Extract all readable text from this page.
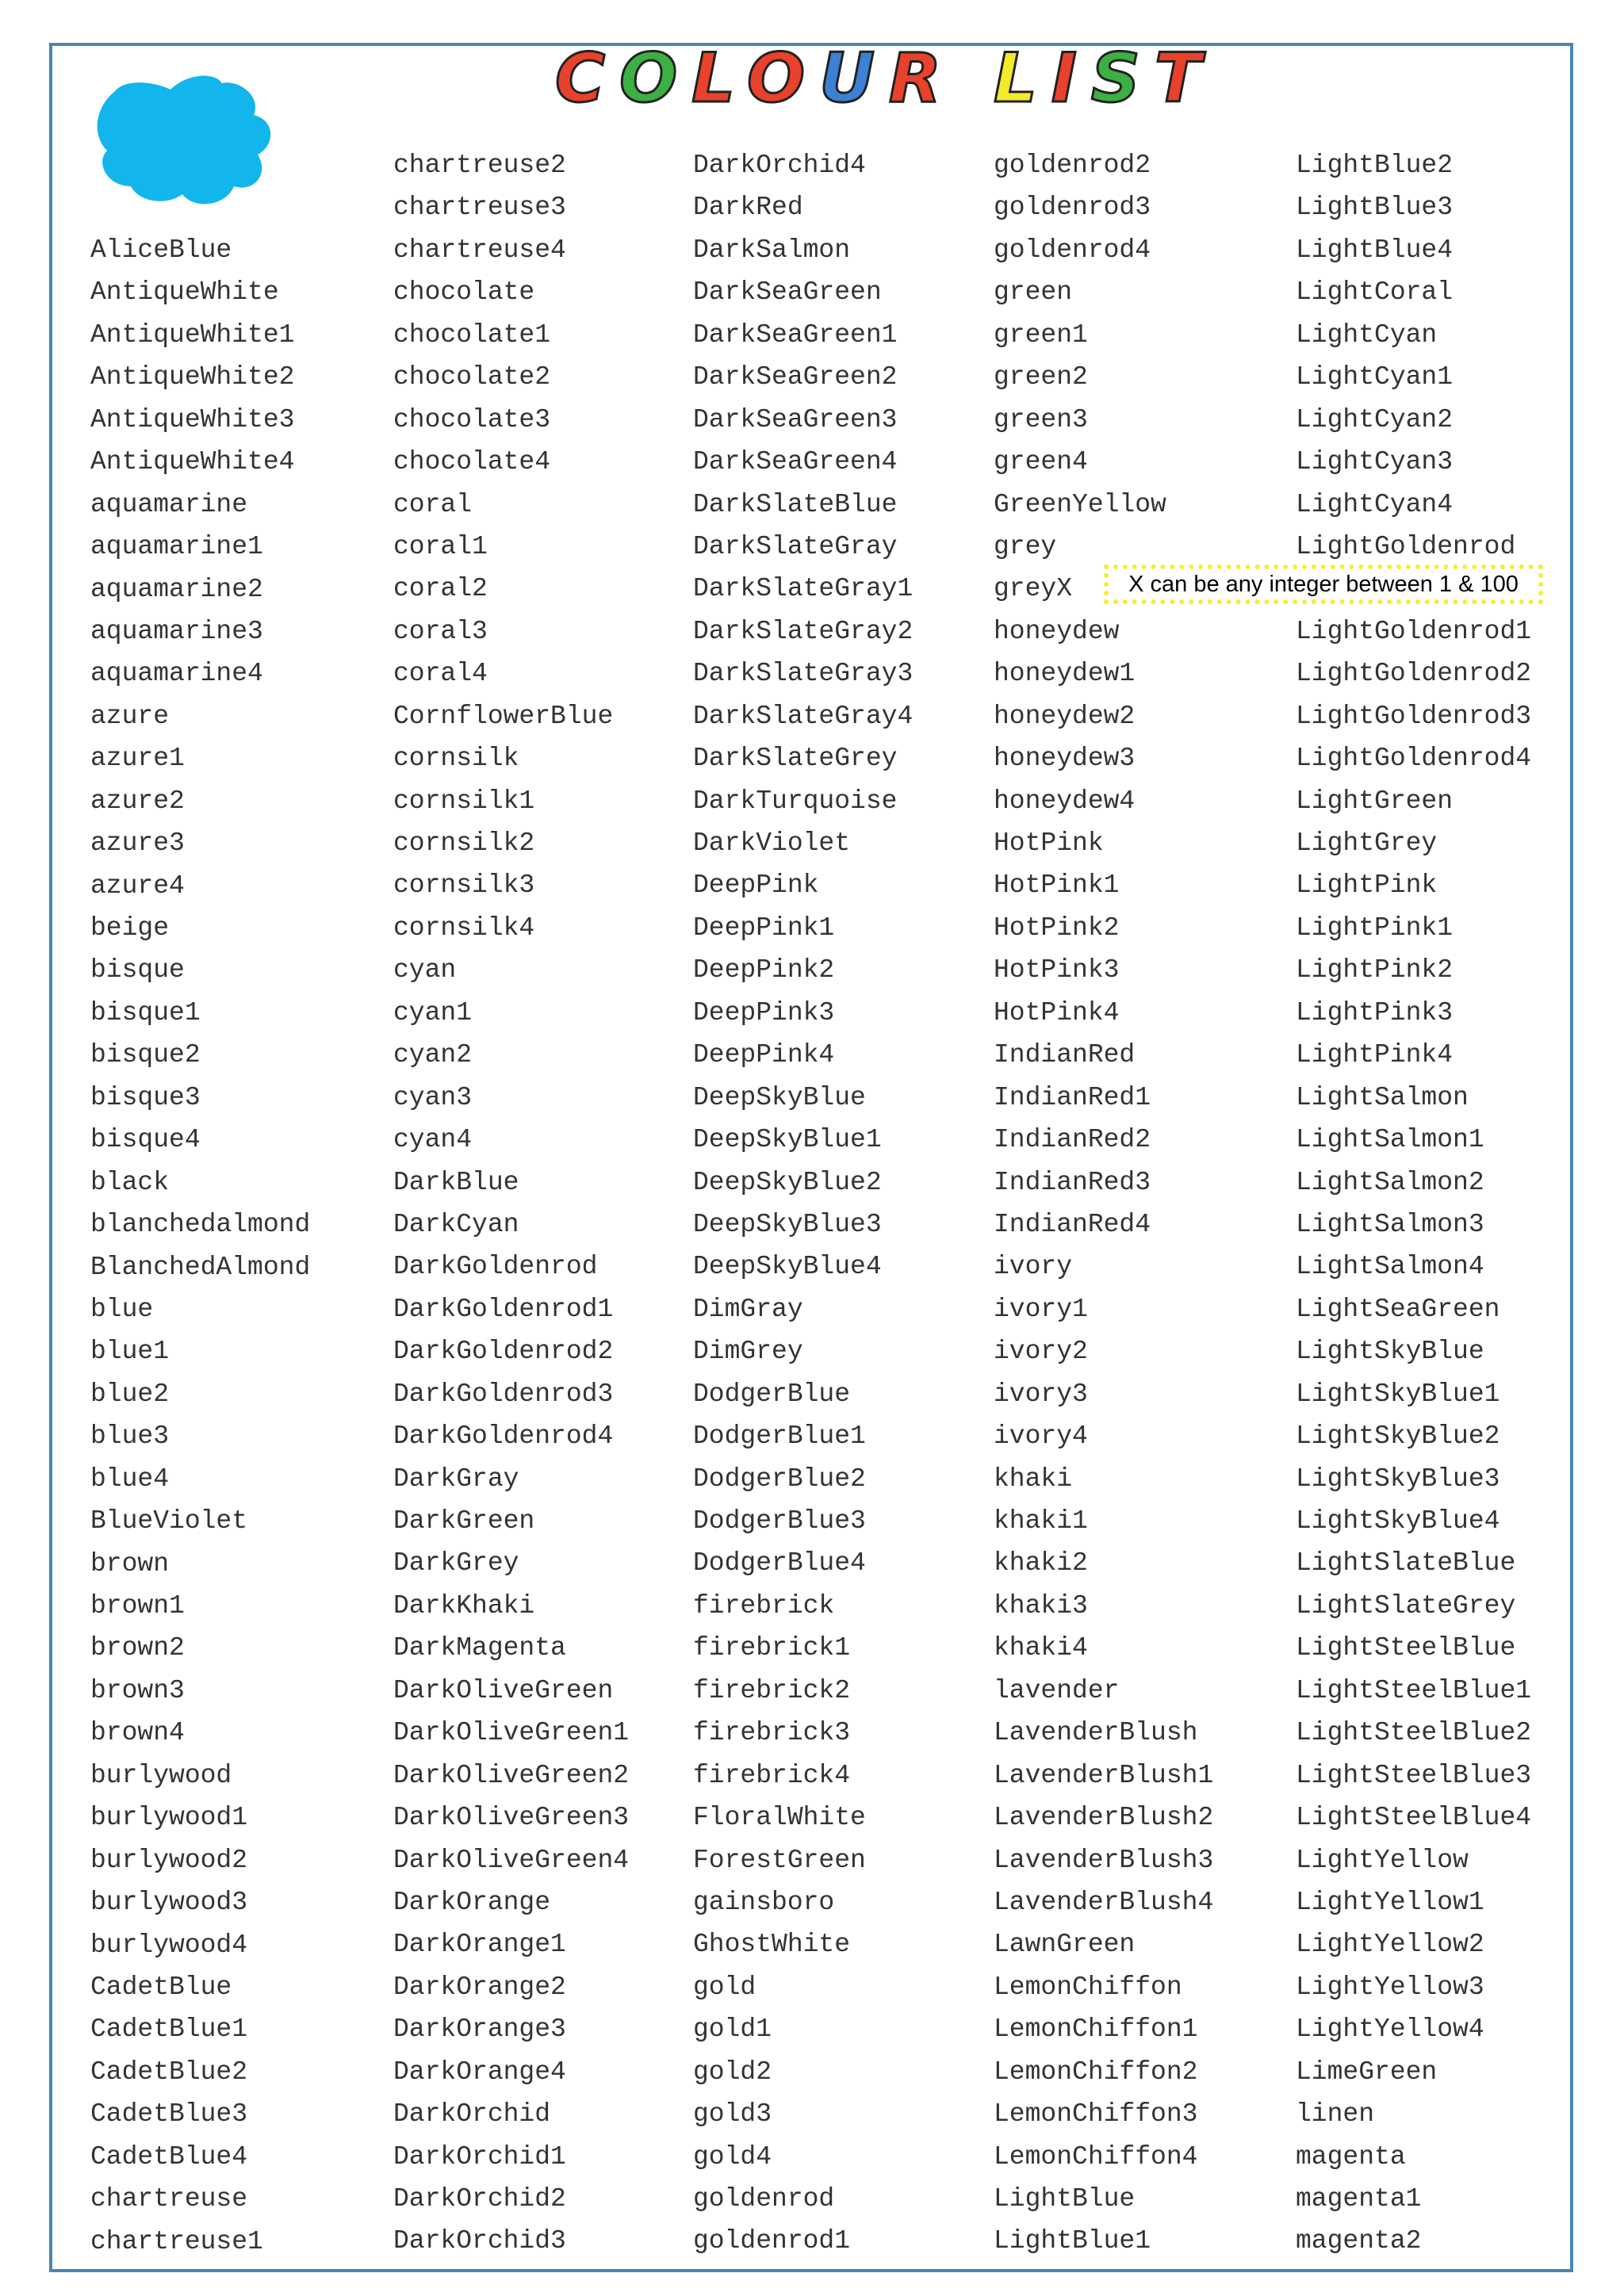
COLOUR LIST
AliceBlue
AntiqueWhite
AntiqueWhite1
AntiqueWhite2
AntiqueWhite3
AntiqueWhite4
aquamarine
aquamarine1
aquamarine2
aquamarine3
aquamarine4
azure
azure1
azure2
azure3
azure4
beige
bisque
bisque1
bisque2
bisque3
bisque4
black
blanchedalmond
BlanchedAlmond
blue
blue1
blue2
blue3
blue4
BlueViolet
brown
brown1
brown2
brown3
brown4
burlywood
burlywood1
burlywood2
burlywood3
burlywood4
CadetBlue
CadetBlue1
CadetBlue2
CadetBlue3
CadetBlue4
chartreuse
chartreuse1
chartreuse2
chartreuse3
chartreuse4
chocolate
chocolate1
chocolate2
chocolate3
chocolate4
coral
coral1
coral2
coral3
coral4
CornflowerBlue
cornsilk
cornsilk1
cornsilk2
cornsilk3
cornsilk4
cyan
cyan1
cyan2
cyan3
cyan4
DarkBlue
DarkCyan
DarkGoldenrod
DarkGoldenrod1
DarkGoldenrod2
DarkGoldenrod3
DarkGoldenrod4
DarkGray
DarkGreen
DarkGrey
DarkKhaki
DarkMagenta
DarkOliveGreen
DarkOliveGreen1
DarkOliveGreen2
DarkOliveGreen3
DarkOliveGreen4
DarkOrange
DarkOrange1
DarkOrange2
DarkOrange3
DarkOrange4
DarkOrchid
DarkOrchid1
DarkOrchid2
DarkOrchid3
DarkOrchid4
DarkRed
DarkSalmon
DarkSeaGreen
DarkSeaGreen1
DarkSeaGreen2
DarkSeaGreen3
DarkSeaGreen4
DarkSlateBlue
DarkSlateGray
DarkSlateGray1
DarkSlateGray2
DarkSlateGray3
DarkSlateGray4
DarkSlateGrey
DarkTurquoise
DarkViolet
DeepPink
DeepPink1
DeepPink2
DeepPink3
DeepPink4
DeepSkyBlue
DeepSkyBlue1
DeepSkyBlue2
DeepSkyBlue3
DeepSkyBlue4
DimGray
DimGrey
DodgerBlue
DodgerBlue1
DodgerBlue2
DodgerBlue3
DodgerBlue4
firebrick
firebrick1
firebrick2
firebrick3
firebrick4
FloralWhite
ForestGreen
gainsboro
GhostWhite
gold
gold1
gold2
gold3
gold4
goldenrod
goldenrod1
goldenrod2
goldenrod3
goldenrod4
green
green1
green2
green3
green4
GreenYellow
grey
greyX
honeydew
honeydew1
honeydew2
honeydew3
honeydew4
HotPink
HotPink1
HotPink2
HotPink3
HotPink4
IndianRed
IndianRed1
IndianRed2
IndianRed3
IndianRed4
ivory
ivory1
ivory2
ivory3
ivory4
khaki
khaki1
khaki2
khaki3
khaki4
lavender
LavenderBlush
LavenderBlush1
LavenderBlush2
LavenderBlush3
LavenderBlush4
LawnGreen
LemonChiffon
LemonChiffon1
LemonChiffon2
LemonChiffon3
LemonChiffon4
LightBlue
LightBlue1
LightBlue2
LightBlue3
LightBlue4
LightCoral
LightCyan
LightCyan1
LightCyan2
LightCyan3
LightCyan4
LightGoldenrod
LightGoldenrod1
LightGoldenrod2
LightGoldenrod3
LightGoldenrod4
LightGreen
LightGrey
LightPink
LightPink1
LightPink2
LightPink3
LightPink4
LightSalmon
LightSalmon1
LightSalmon2
LightSalmon3
LightSalmon4
LightSeaGreen
LightSkyBlue
LightSkyBlue1
LightSkyBlue2
LightSkyBlue3
LightSkyBlue4
LightSlateBlue
LightSlateGrey
LightSteelBlue
LightSteelBlue1
LightSteelBlue2
LightSteelBlue3
LightSteelBlue4
LightYellow
LightYellow1
LightYellow2
LightYellow3
LightYellow4
LimeGreen
linen
magenta
magenta1
magenta2
X can be any integer between 1 & 100
